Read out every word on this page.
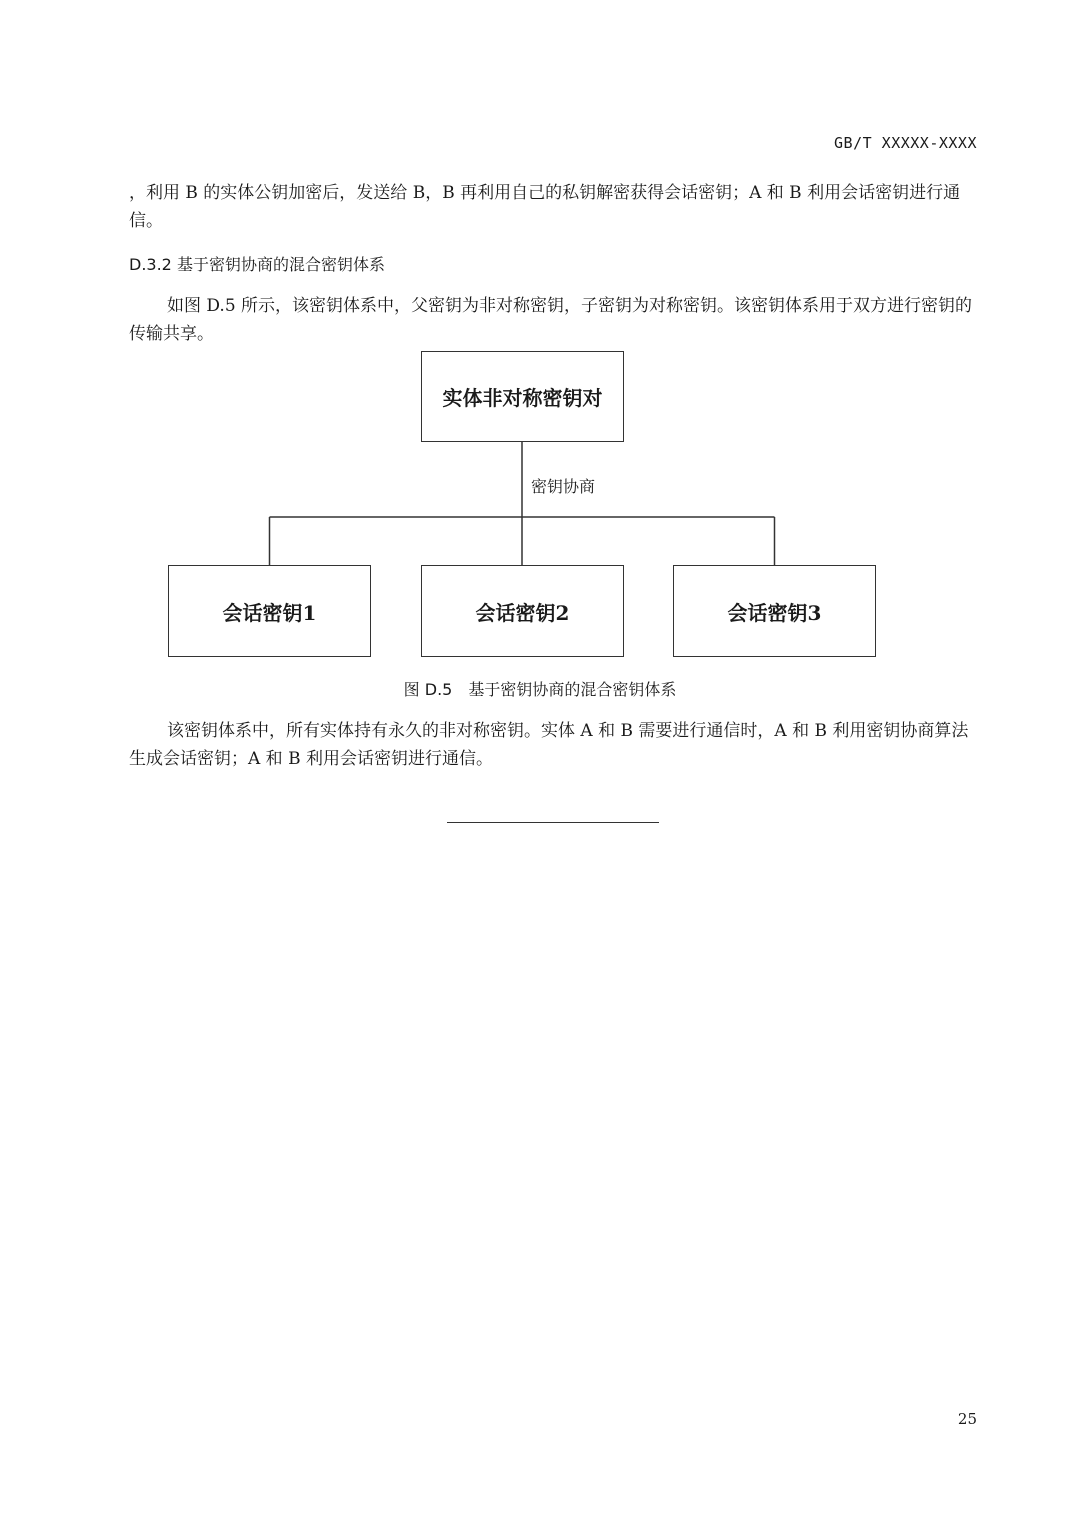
GB/T XXXXX-XXXX
，利用 B 的实体公钥加密后，发送给 B，B 再利用自己的私钥解密获得会话密钥；A 和 B 利用会话密钥进行通信。
D.3.2 基于密钥协商的混合密钥体系
如图 D.5 所示，该密钥体系中，父密钥为非对称密钥，子密钥为对称密钥。该密钥体系用于双方进行密钥的传输共享。
实体非对称密钥对
密钥协商
会话密钥1	会话密钥2	会话密钥3
图 D.5　基于密钥协商的混合密钥体系
该密钥体系中，所有实体持有永久的非对称密钥。实体 A 和 B 需要进行通信时，A 和 B 利用密钥协商算法生成会话密钥；A 和 B 利用会话密钥进行通信。
25
